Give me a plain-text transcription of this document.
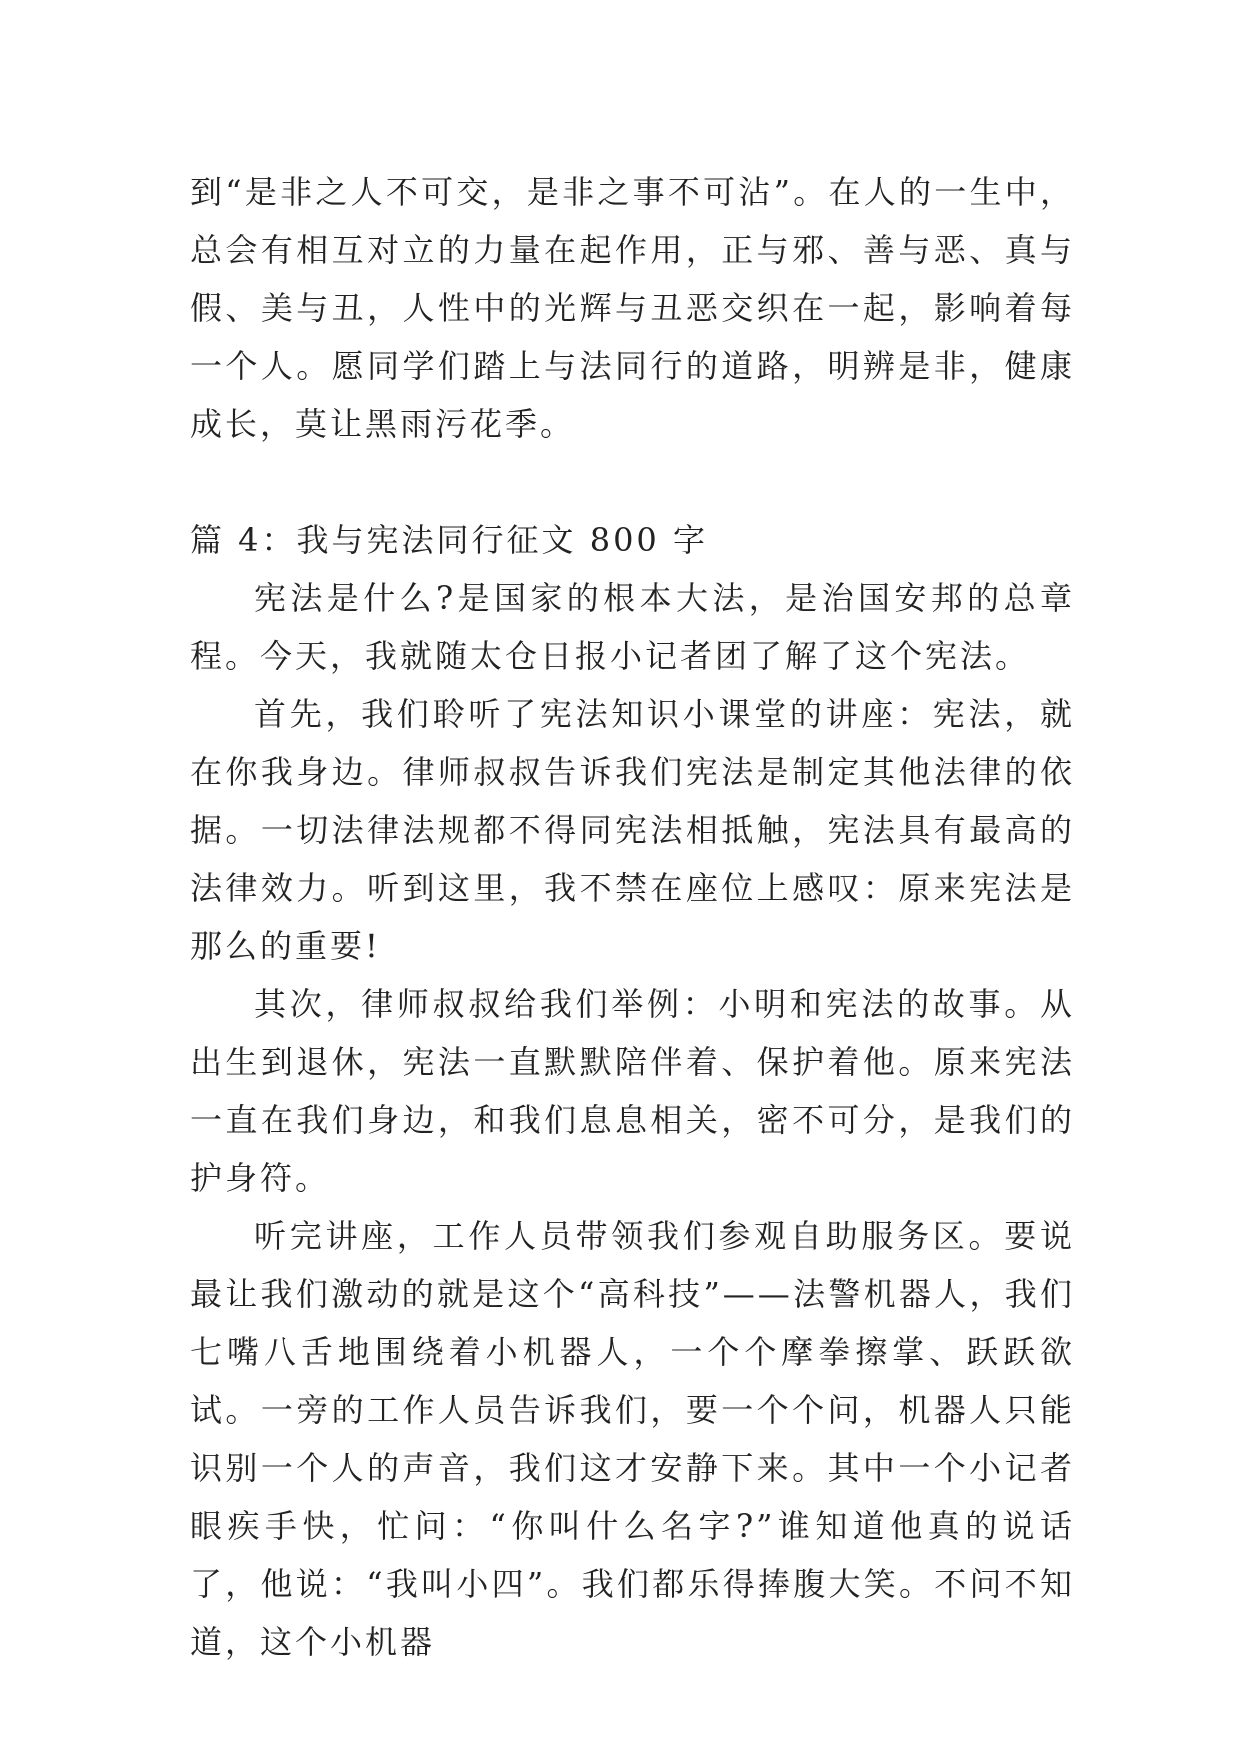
到“是非之人不可交，是非之事不可沾”。在人的一生中，总会有相互对立的力量在起作用，正与邪、善与恶、真与假、美与丑，人性中的光辉与丑恶交织在一起，影响着每一个人。愿同学们踏上与法同行的道路，明辨是非，健康成长，莫让黑雨污花季。

篇 4：我与宪法同行征文 800 字

宪法是什么?是国家的根本大法，是治国安邦的总章程。今天，我就随太仓日报小记者团了解了这个宪法。

首先，我们聆听了宪法知识小课堂的讲座：宪法，就在你我身边。律师叔叔告诉我们宪法是制定其他法律的依据。一切法律法规都不得同宪法相抵触，宪法具有最高的法律效力。听到这里，我不禁在座位上感叹：原来宪法是那么的重要!

其次，律师叔叔给我们举例：小明和宪法的故事。从出生到退休，宪法一直默默陪伴着、保护着他。原来宪法一直在我们身边，和我们息息相关，密不可分，是我们的护身符。

听完讲座，工作人员带领我们参观自助服务区。要说最让我们激动的就是这个“高科技”——法警机器人，我们七嘴八舌地围绕着小机器人，一个个摩拳擦掌、跃跃欲试。一旁的工作人员告诉我们，要一个个问，机器人只能识别一个人的声音，我们这才安静下来。其中一个小记者眼疾手快，忙问：“你叫什么名字?”谁知道他真的说话了，他说：“我叫小四”。我们都乐得捧腹大笑。不问不知道，这个小机器
